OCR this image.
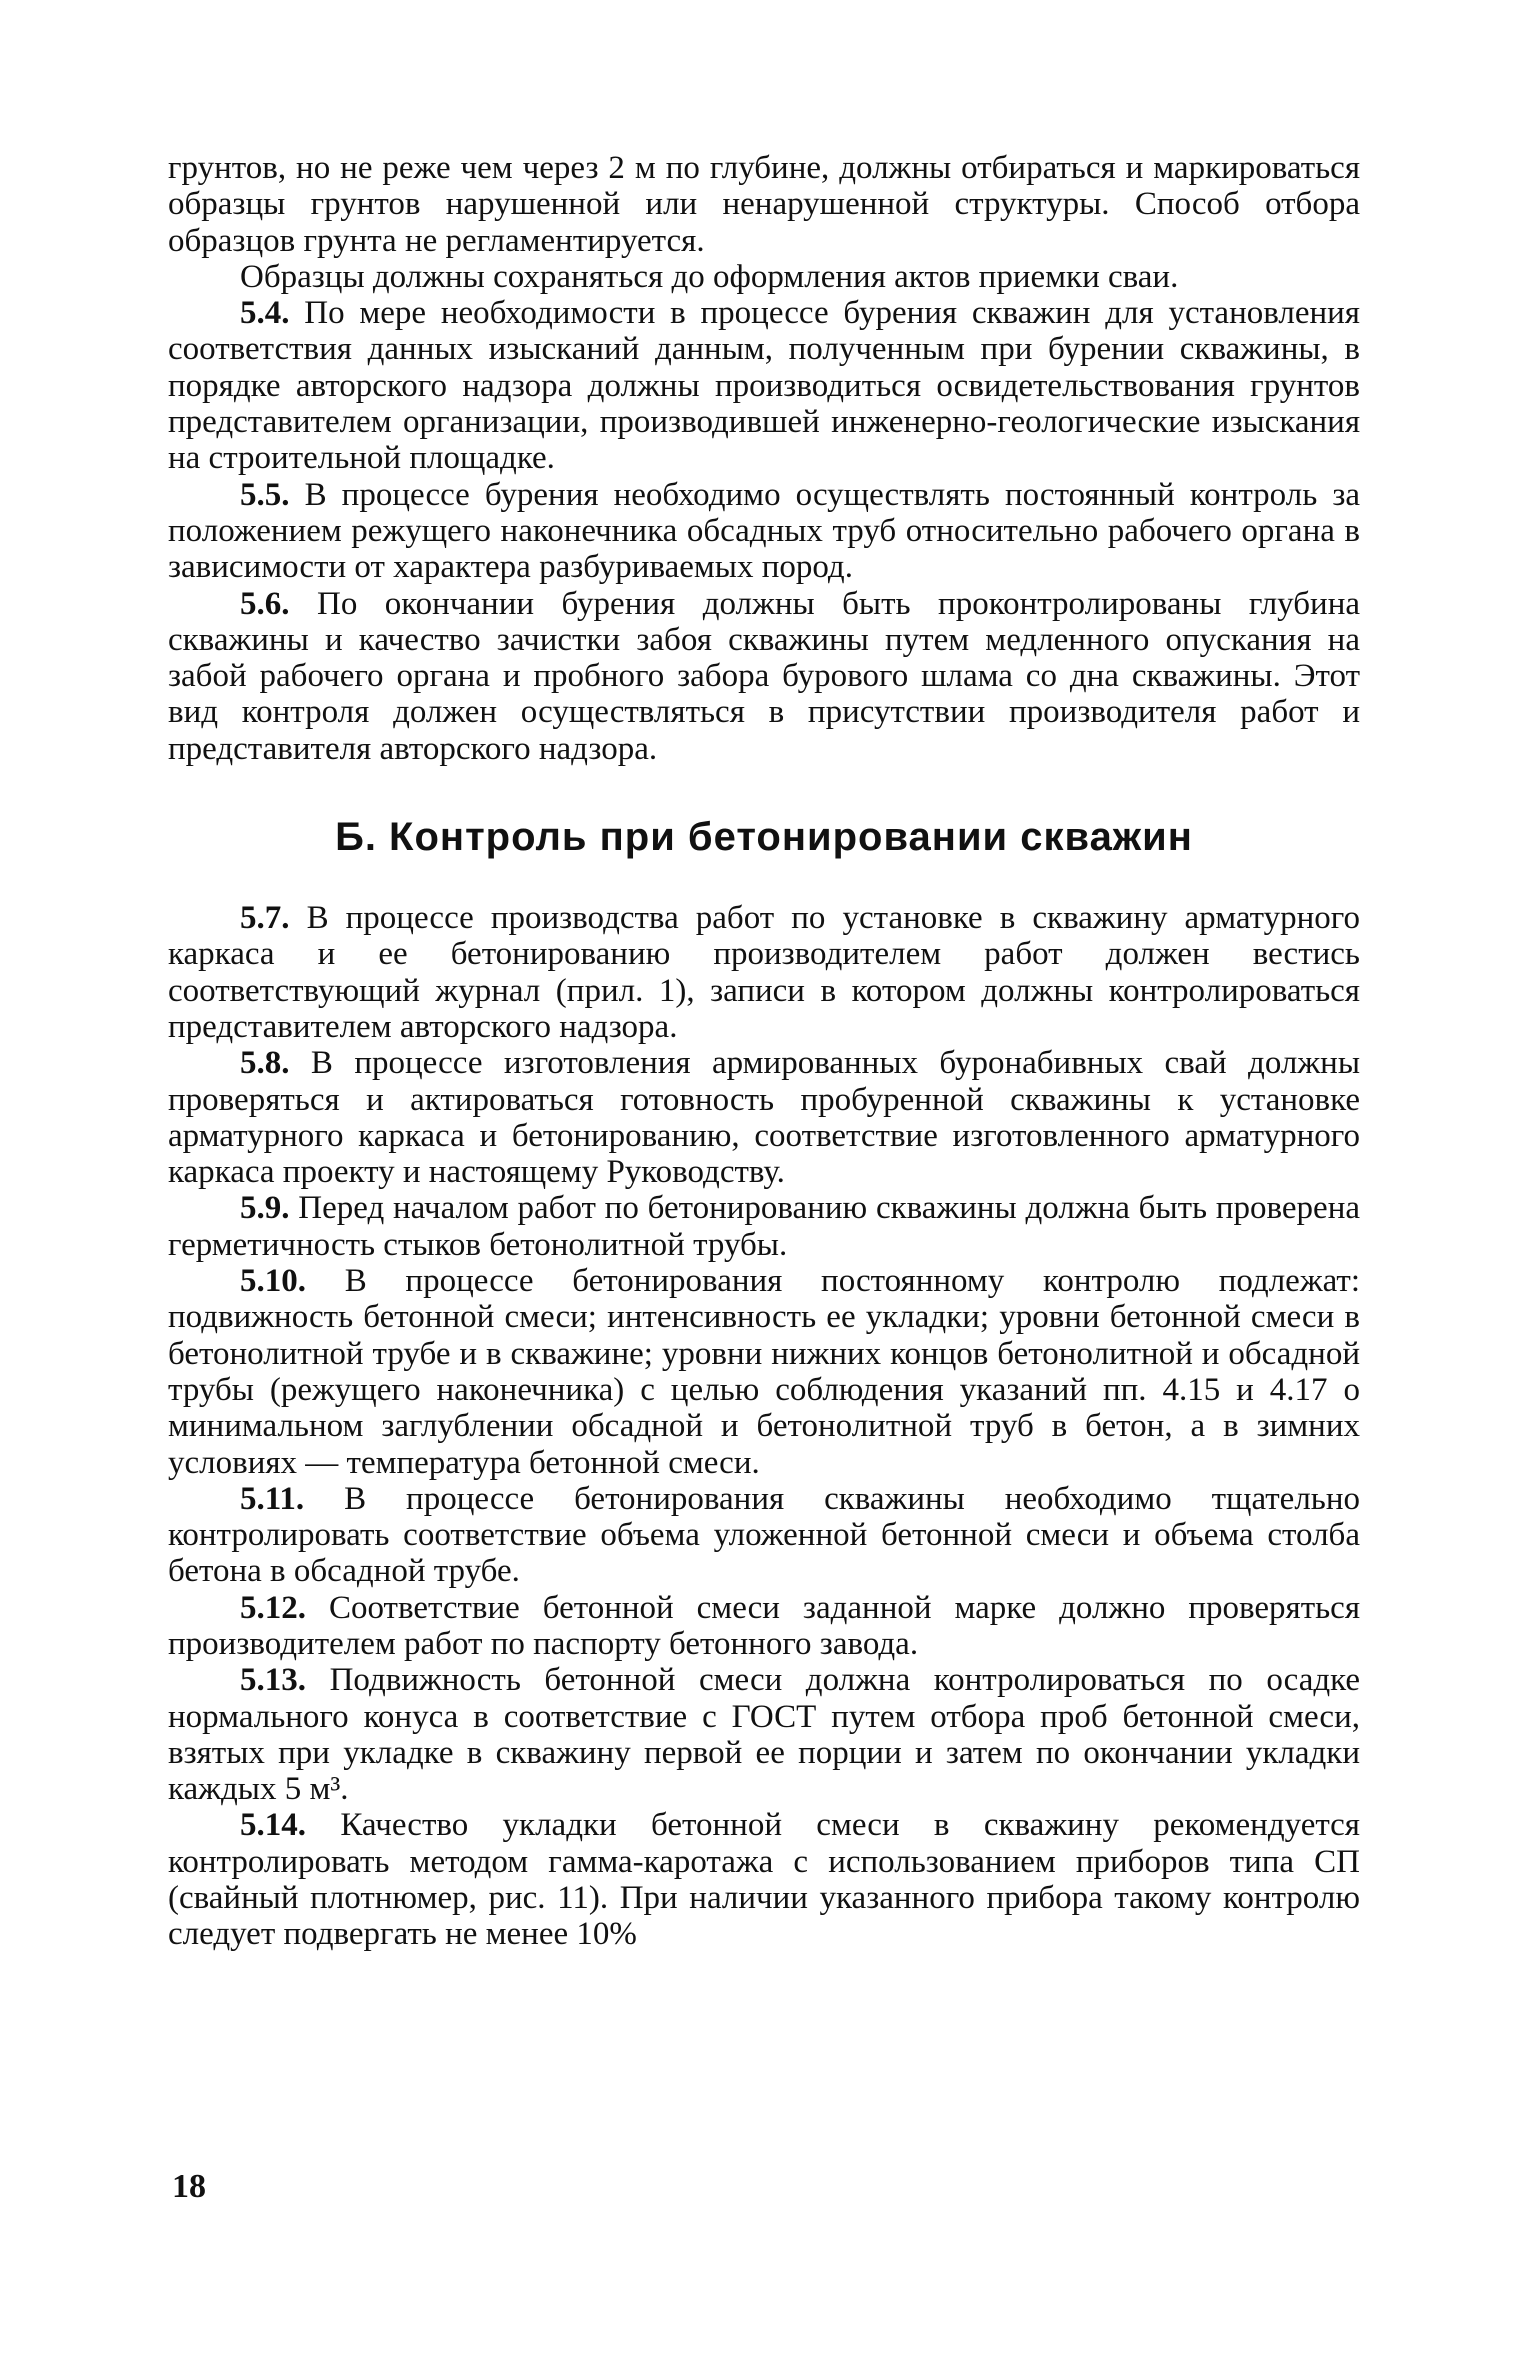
грунтов, но не реже чем через 2 м по глубине, должны отбираться и маркироваться образцы грунтов нарушенной или ненарушенной структуры. Способ отбора образцов грунта не регламентируется.

Образцы должны сохраняться до оформления актов приемки сваи.

5.4. По мере необходимости в процессе бурения скважин для установления соответствия данных изысканий данным, полученным при бурении скважины, в порядке авторского надзора должны производиться освидетельствования грунтов представителем организации, производившей инженерно-геологические изыскания на строительной площадке.

5.5. В процессе бурения необходимо осуществлять постоянный контроль за положением режущего наконечника обсадных труб относительно рабочего органа в зависимости от характера разбуриваемых пород.

5.6. По окончании бурения должны быть проконтролированы глубина скважины и качество зачистки забоя скважины путем медленного опускания на забой рабочего органа и пробного забора бурового шлама со дна скважины. Этот вид контроля должен осуществляться в присутствии производителя работ и представителя авторского надзора.

Б. Контроль при бетонировании скважин

5.7. В процессе производства работ по установке в скважину арматурного каркаса и ее бетонированию производителем работ должен вестись соответствующий журнал (прил. 1), записи в котором должны контролироваться представителем авторского надзора.

5.8. В процессе изготовления армированных буронабивных свай должны проверяться и актироваться готовность пробуренной скважины к установке арматурного каркаса и бетонированию, соответствие изготовленного арматурного каркаса проекту и настоящему Руководству.

5.9. Перед началом работ по бетонированию скважины должна быть проверена герметичность стыков бетонолитной трубы.

5.10. В процессе бетонирования постоянному контролю подлежат: подвижность бетонной смеси; интенсивность ее укладки; уровни бетонной смеси в бетонолитной трубе и в скважине; уровни нижних концов бетонолитной и обсадной трубы (режущего наконечника) с целью соблюдения указаний пп. 4.15 и 4.17 о минимальном заглублении обсадной и бетонолитной труб в бетон, а в зимних условиях — температура бетонной смеси.

5.11. В процессе бетонирования скважины необходимо тщательно контролировать соответствие объема уложенной бетонной смеси и объема столба бетона в обсадной трубе.

5.12. Соответствие бетонной смеси заданной марке должно проверяться производителем работ по паспорту бетонного завода.

5.13. Подвижность бетонной смеси должна контролироваться по осадке нормального конуса в соответствие с ГОСТ путем отбора проб бетонной смеси, взятых при укладке в скважину первой ее порции и затем по окончании укладки каждых 5 м³.

5.14. Качество укладки бетонной смеси в скважину рекомендуется контролировать методом гамма-каротажа с использованием приборов типа СП (свайный плотнюмер, рис. 11). При наличии указанного прибора такому контролю следует подвергать не менее 10%

18
